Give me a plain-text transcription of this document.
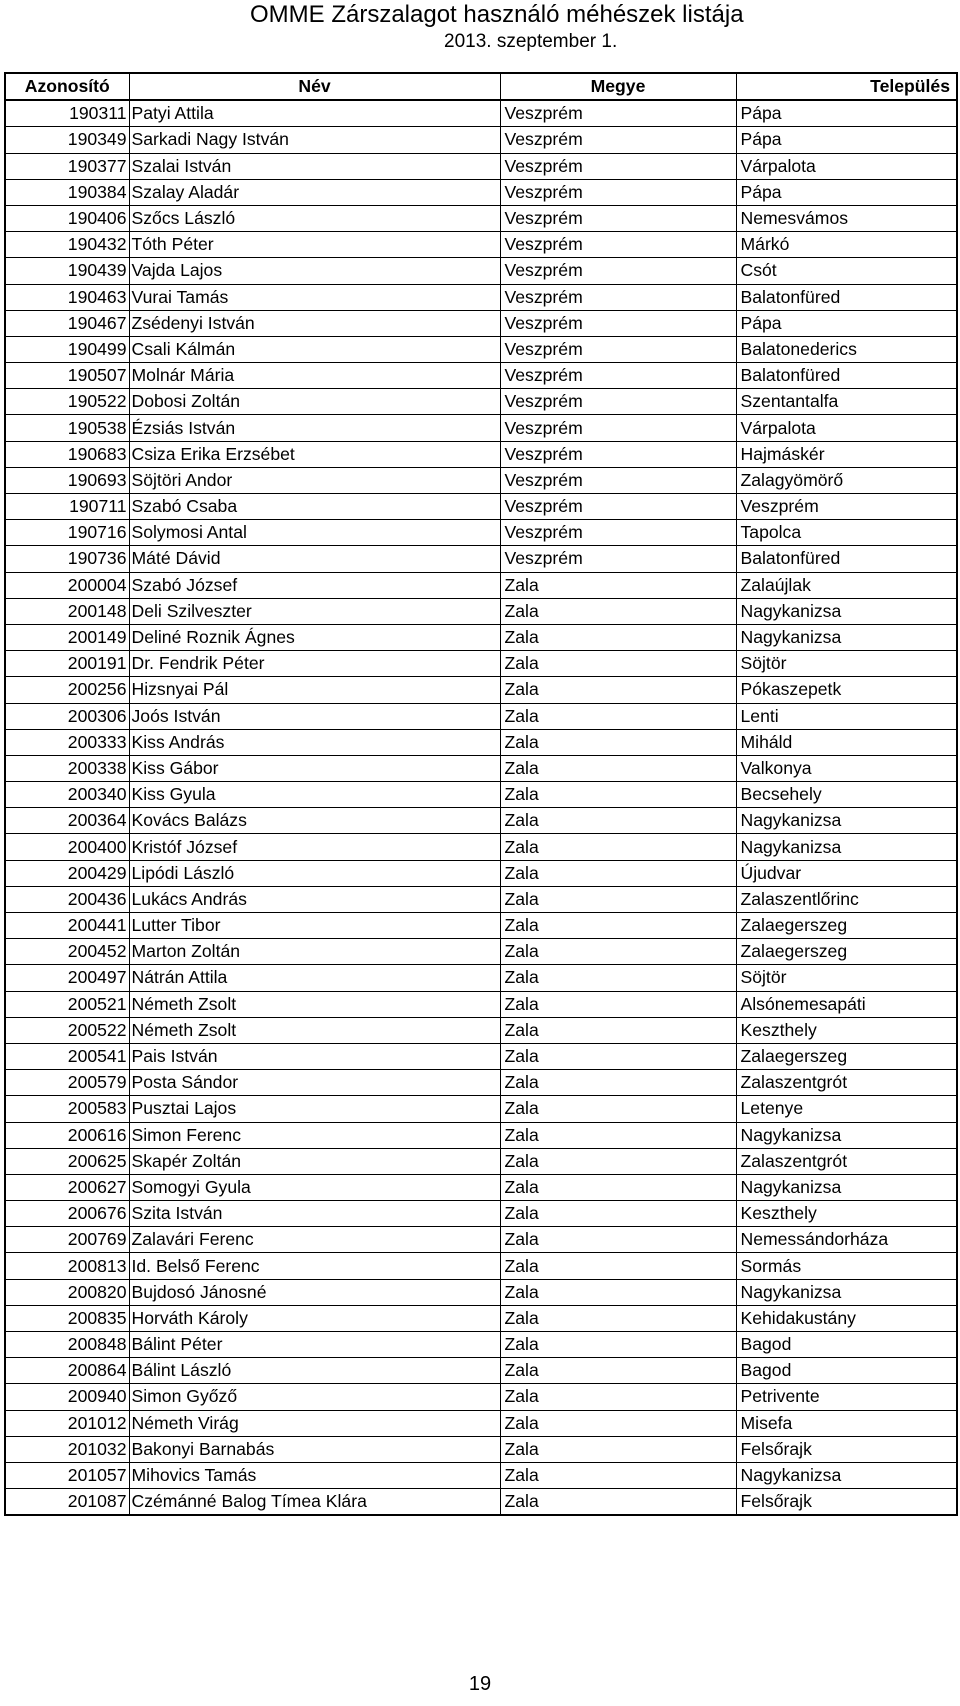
OMME Zárszalagot használó méhészek listája
2013. szeptember 1.
Azonosító	Név	Megye	Település
190311	Patyi Attila	Veszprém	Pápa
190349	Sarkadi Nagy István	Veszprém	Pápa
190377	Szalai István	Veszprém	Várpalota
190384	Szalay Aladár	Veszprém	Pápa
190406	Szőcs László	Veszprém	Nemesvámos
190432	Tóth Péter	Veszprém	Márkó
190439	Vajda Lajos	Veszprém	Csót
190463	Vurai Tamás	Veszprém	Balatonfüred
190467	Zsédenyi István	Veszprém	Pápa
190499	Csali Kálmán	Veszprém	Balatonederics
190507	Molnár Mária	Veszprém	Balatonfüred
190522	Dobosi Zoltán	Veszprém	Szentantalfa
190538	Ézsiás István	Veszprém	Várpalota
190683	Csiza Erika Erzsébet	Veszprém	Hajmáskér
190693	Söjtöri Andor	Veszprém	Zalagyömörő
190711	Szabó Csaba	Veszprém	Veszprém
190716	Solymosi Antal	Veszprém	Tapolca
190736	Máté Dávid	Veszprém	Balatonfüred
200004	Szabó József	Zala	Zalaújlak
200148	Deli Szilveszter	Zala	Nagykanizsa
200149	Deliné Roznik Ágnes	Zala	Nagykanizsa
200191	Dr. Fendrik Péter	Zala	Söjtör
200256	Hizsnyai Pál	Zala	Pókaszepetk
200306	Joós István	Zala	Lenti
200333	Kiss András	Zala	Miháld
200338	Kiss Gábor	Zala	Valkonya
200340	Kiss Gyula	Zala	Becsehely
200364	Kovács Balázs	Zala	Nagykanizsa
200400	Kristóf József	Zala	Nagykanizsa
200429	Lipódi László	Zala	Újudvar
200436	Lukács András	Zala	Zalaszentlőrinc
200441	Lutter Tibor	Zala	Zalaegerszeg
200452	Marton Zoltán	Zala	Zalaegerszeg
200497	Nátrán Attila	Zala	Söjtör
200521	Németh Zsolt	Zala	Alsónemesapáti
200522	Németh Zsolt	Zala	Keszthely
200541	Pais István	Zala	Zalaegerszeg
200579	Posta Sándor	Zala	Zalaszentgrót
200583	Pusztai Lajos	Zala	Letenye
200616	Simon Ferenc	Zala	Nagykanizsa
200625	Skapér Zoltán	Zala	Zalaszentgrót
200627	Somogyi Gyula	Zala	Nagykanizsa
200676	Szita István	Zala	Keszthely
200769	Zalavári Ferenc	Zala	Nemessándorháza
200813	Id. Belső Ferenc	Zala	Sormás
200820	Bujdosó Jánosné	Zala	Nagykanizsa
200835	Horváth Károly	Zala	Kehidakustány
200848	Bálint Péter	Zala	Bagod
200864	Bálint László	Zala	Bagod
200940	Simon Győző	Zala	Petrivente
201012	Németh Virág	Zala	Misefa
201032	Bakonyi Barnabás	Zala	Felsőrajk
201057	Mihovics Tamás	Zala	Nagykanizsa
201087	Czémánné Balog Tímea Klára	Zala	Felsőrajk
19
